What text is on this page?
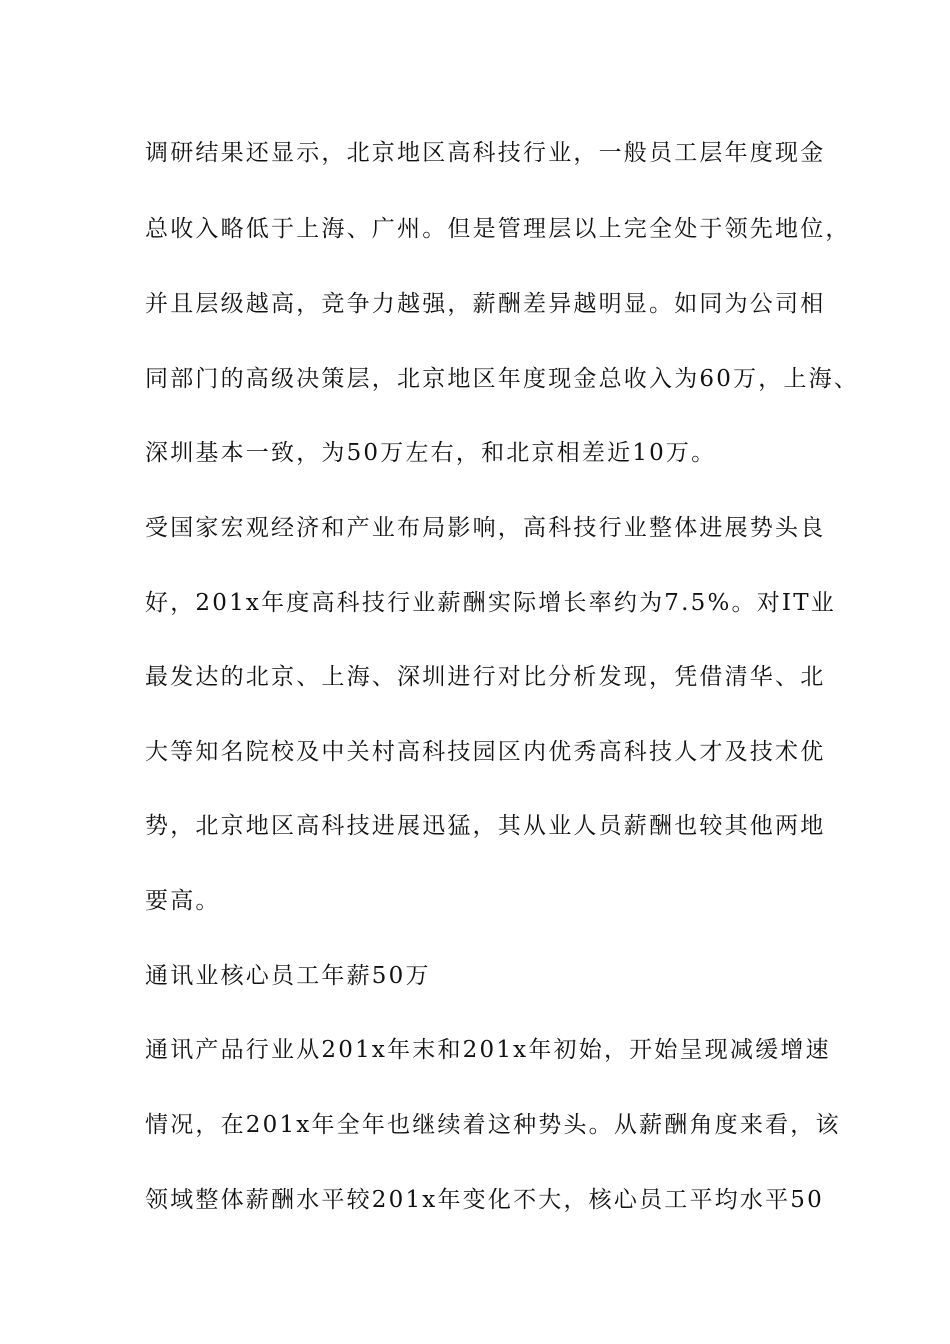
调研结果还显示，北京地区高科技行业，一般员工层年度现金

总收入略低于上海、广州。但是管理层以上完全处于领先地位，

并且层级越高，竞争力越强，薪酬差异越明显。如同为公司相

同部门的高级决策层，北京地区年度现金总收入为60万，上海、

深圳基本一致，为50万左右，和北京相差近10万。

受国家宏观经济和产业布局影响，高科技行业整体进展势头良

好，201x年度高科技行业薪酬实际增长率约为7.5%。对IT业

最发达的北京、上海、深圳进行对比分析发现，凭借清华、北

大等知名院校及中关村高科技园区内优秀高科技人才及技术优

势，北京地区高科技进展迅猛，其从业人员薪酬也较其他两地

要高。

通讯业核心员工年薪50万

通讯产品行业从201x年末和201x年初始，开始呈现减缓增速

情况，在201x年全年也继续着这种势头。从薪酬角度来看，该

领域整体薪酬水平较201x年变化不大，核心员工平均水平50
